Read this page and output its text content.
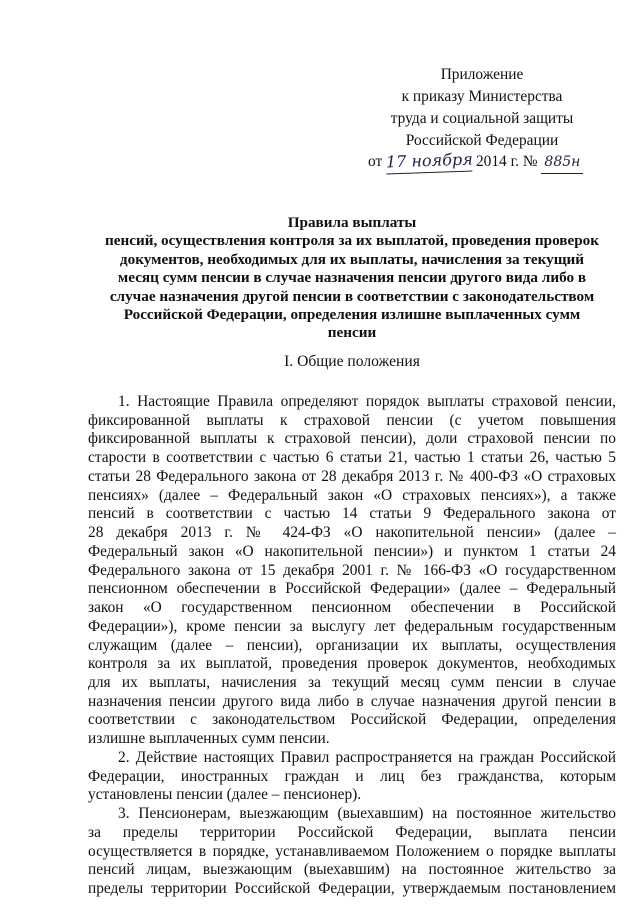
Приложение
к приказу Министерства
труда и социальной защиты
Российской Федерации
от 17 ноября 2014 г. № 885н
Правила выплаты
пенсий, осуществления контроля за их выплатой, проведения проверок
документов, необходимых для их выплаты, начисления за текущий
месяц сумм пенсии в случае назначения пенсии другого вида либо в
случае назначения другой пенсии в соответствии с законодательством
Российской Федерации, определения излишне выплаченных сумм
пенсии
I. Общие положения
1. Настоящие Правила определяют порядок выплаты страховой пенсии,
фиксированной выплаты к страховой пенсии (с учетом повышения
фиксированной выплаты к страховой пенсии), доли страховой пенсии по
старости в соответствии с частью 6 статьи 21, частью 1 статьи 26, частью 5
статьи 28 Федерального закона от 28 декабря 2013 г. № 400-ФЗ «О страховых
пенсиях» (далее – Федеральный закон «О страховых пенсиях»), а также
пенсий в соответствии с частью 14 статьи 9 Федерального закона от
28 декабря 2013 г. № 424-ФЗ «О накопительной пенсии» (далее –
Федеральный закон «О накопительной пенсии») и пунктом 1 статьи 24
Федерального закона от 15 декабря 2001 г. № 166-ФЗ «О государственном
пенсионном обеспечении в Российской Федерации» (далее – Федеральный
закон «О государственном пенсионном обеспечении в Российской
Федерации»), кроме пенсии за выслугу лет федеральным государственным
служащим (далее – пенсии), организации их выплаты, осуществления
контроля за их выплатой, проведения проверок документов, необходимых
для их выплаты, начисления за текущий месяц сумм пенсии в случае
назначения пенсии другого вида либо в случае назначения другой пенсии в
соответствии с законодательством Российской Федерации, определения
излишне выплаченных сумм пенсии.
2. Действие настоящих Правил распространяется на граждан Российской
Федерации, иностранных граждан и лиц без гражданства, которым
установлены пенсии (далее – пенсионер).
3. Пенсионерам, выезжающим (выехавшим) на постоянное жительство
за пределы территории Российской Федерации, выплата пенсии
осуществляется в порядке, устанавливаемом Положением о порядке выплаты
пенсий лицам, выезжающим (выехавшим) на постоянное жительство за
пределы территории Российской Федерации, утверждаемым постановлением
